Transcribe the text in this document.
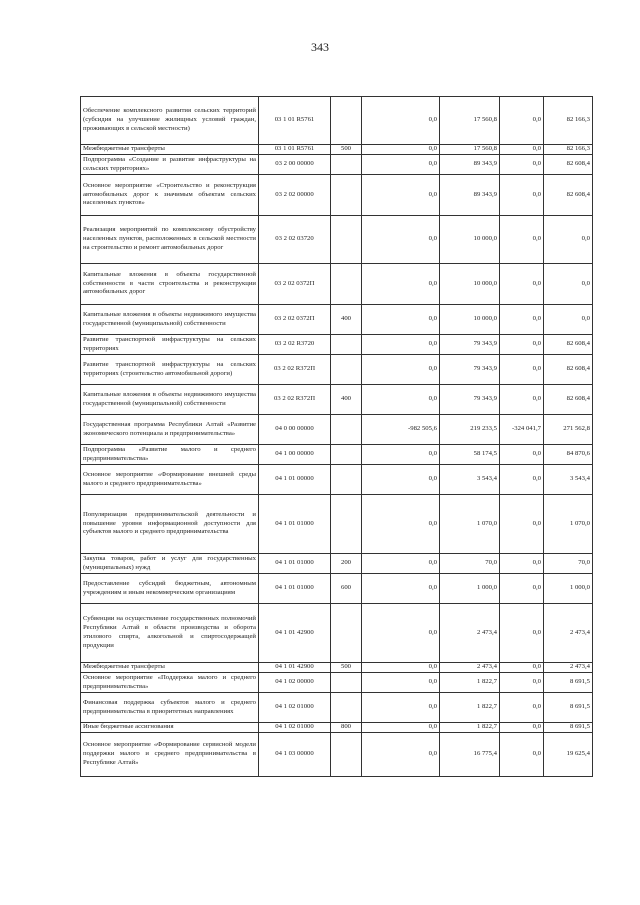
343
Обеспечение комплексного развития сельских территорий (субсидия на улучшение жилищных условий граждан, проживающих в сельской местности)	03 1 01 R5761		0,0	17 560,8	0,0	82 166,3
Межбюджетные трансферты	03 1 01 R5761	500	0,0	17 560,8	0,0	82 166,3
Подпрограмма «Создание и развитие инфраструктуры на сельских территориях»	03 2 00 00000		0,0	89 343,9	0,0	82 608,4
Основное мероприятие «Строительство и реконструкция автомобильных дорог к значимым объектам сельских населенных пунктов»	03 2 02 00000		0,0	89 343,9	0,0	82 608,4
Реализация мероприятий по комплексному обустройству населенных пунктов, расположенных в сельской местности на строительство и ремонт автомобильных дорог	03 2 02 03720		0,0	10 000,0	0,0	0,0
Капитальные вложения в объекты государственной собственности в части строительства и реконструкции автомобильных дорог	03 2 02 0372П		0,0	10 000,0	0,0	0,0
Капитальные вложения в объекты недвижимого имущества государственной (муниципальной) собственности	03 2 02 0372П	400	0,0	10 000,0	0,0	0,0
Развитие транспортной инфраструктуры на сельских территориях	03 2 02 R3720		0,0	79 343,9	0,0	82 608,4
Развитие транспортной инфраструктуры на сельских территориях (строительство автомобильной дороги)	03 2 02 R372П		0,0	79 343,9	0,0	82 608,4
Капитальные вложения в объекты недвижимого имущества государственной (муниципальной) собственности	03 2 02 R372П	400	0,0	79 343,9	0,0	82 608,4
Государственная программа Республики Алтай «Развитие экономического потенциала и предпринимательства»	04 0 00 00000		-982 505,6	219 233,5	-324 041,7	271 562,8
Подпрограмма «Развитие малого и среднего предпринимательства»	04 1 00 00000		0,0	58 174,5	0,0	84 870,6
Основное мероприятие «Формирование внешней среды малого и среднего предпринимательства»	04 1 01 00000		0,0	3 543,4	0,0	3 543,4
Популяризация предпринимательской деятельности и повышение уровня информационной доступности для субъектов малого и среднего предпринимательства	04 1 01 01000		0,0	1 070,0	0,0	1 070,0
Закупка товаров, работ и услуг для государственных (муниципальных) нужд	04 1 01 01000	200	0,0	70,0	0,0	70,0
Предоставление субсидий бюджетным, автономным учреждениям и иным некоммерческим организациям	04 1 01 01000	600	0,0	1 000,0	0,0	1 000,0
Субвенции на осуществление государственных полномочий Республики Алтай в области производства и оборота этилового спирта, алкогольной и спиртосодержащей продукции	04 1 01 42900		0,0	2 473,4	0,0	2 473,4
Межбюджетные трансферты	04 1 01 42900	500	0,0	2 473,4	0,0	2 473,4
Основное мероприятие «Поддержка малого и среднего предпринимательства»	04 1 02 00000		0,0	1 822,7	0,0	8 691,5
Финансовая поддержка субъектов малого и среднего предпринимательства в приоритетных направлениях	04 1 02 01000		0,0	1 822,7	0,0	8 691,5
Иные бюджетные ассигнования	04 1 02 01000	800	0,0	1 822,7	0,0	8 691,5
Основное мероприятие «Формирование сервисной модели поддержки малого и среднего предпринимательства в Республике Алтай»	04 1 03 00000		0,0	16 775,4	0,0	19 625,4
